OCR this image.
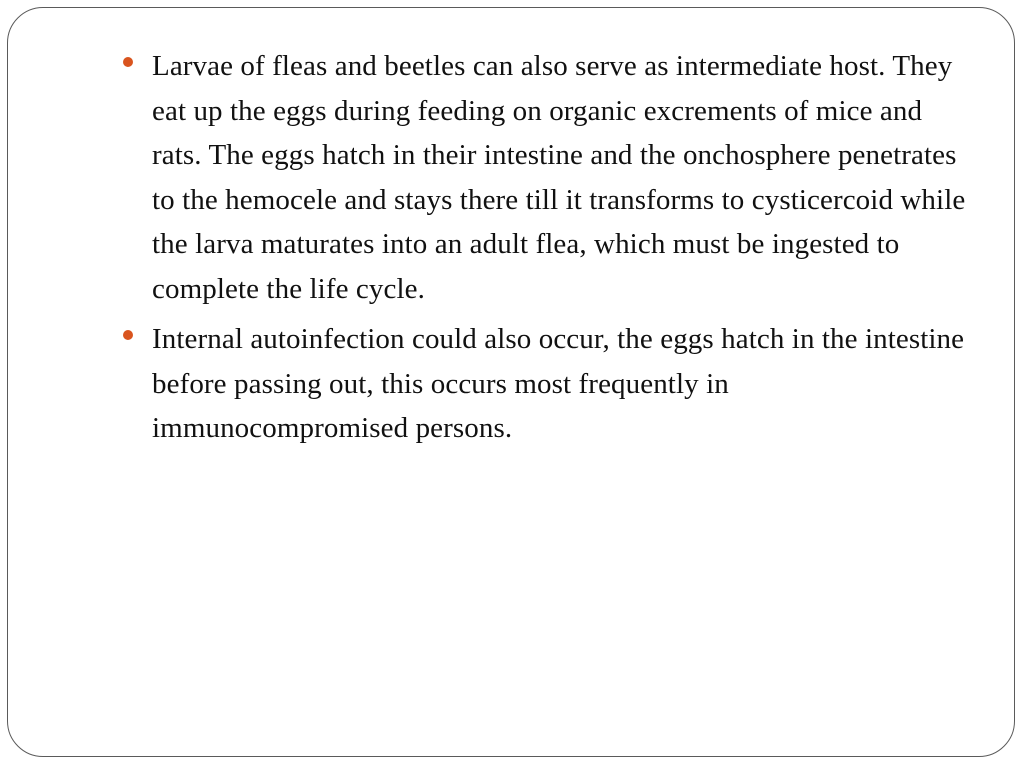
Larvae of fleas and beetles can also serve as intermediate host. They eat up the eggs during feeding on organic excrements of mice and rats. The eggs hatch in their intestine and the onchosphere penetrates to the hemocele and stays there till it transforms to cysticercoid while the larva maturates into an adult flea, which must be ingested to complete the life cycle.
Internal autoinfection could also occur, the eggs hatch in the intestine before passing out, this occurs most frequently in immunocompromised persons.
